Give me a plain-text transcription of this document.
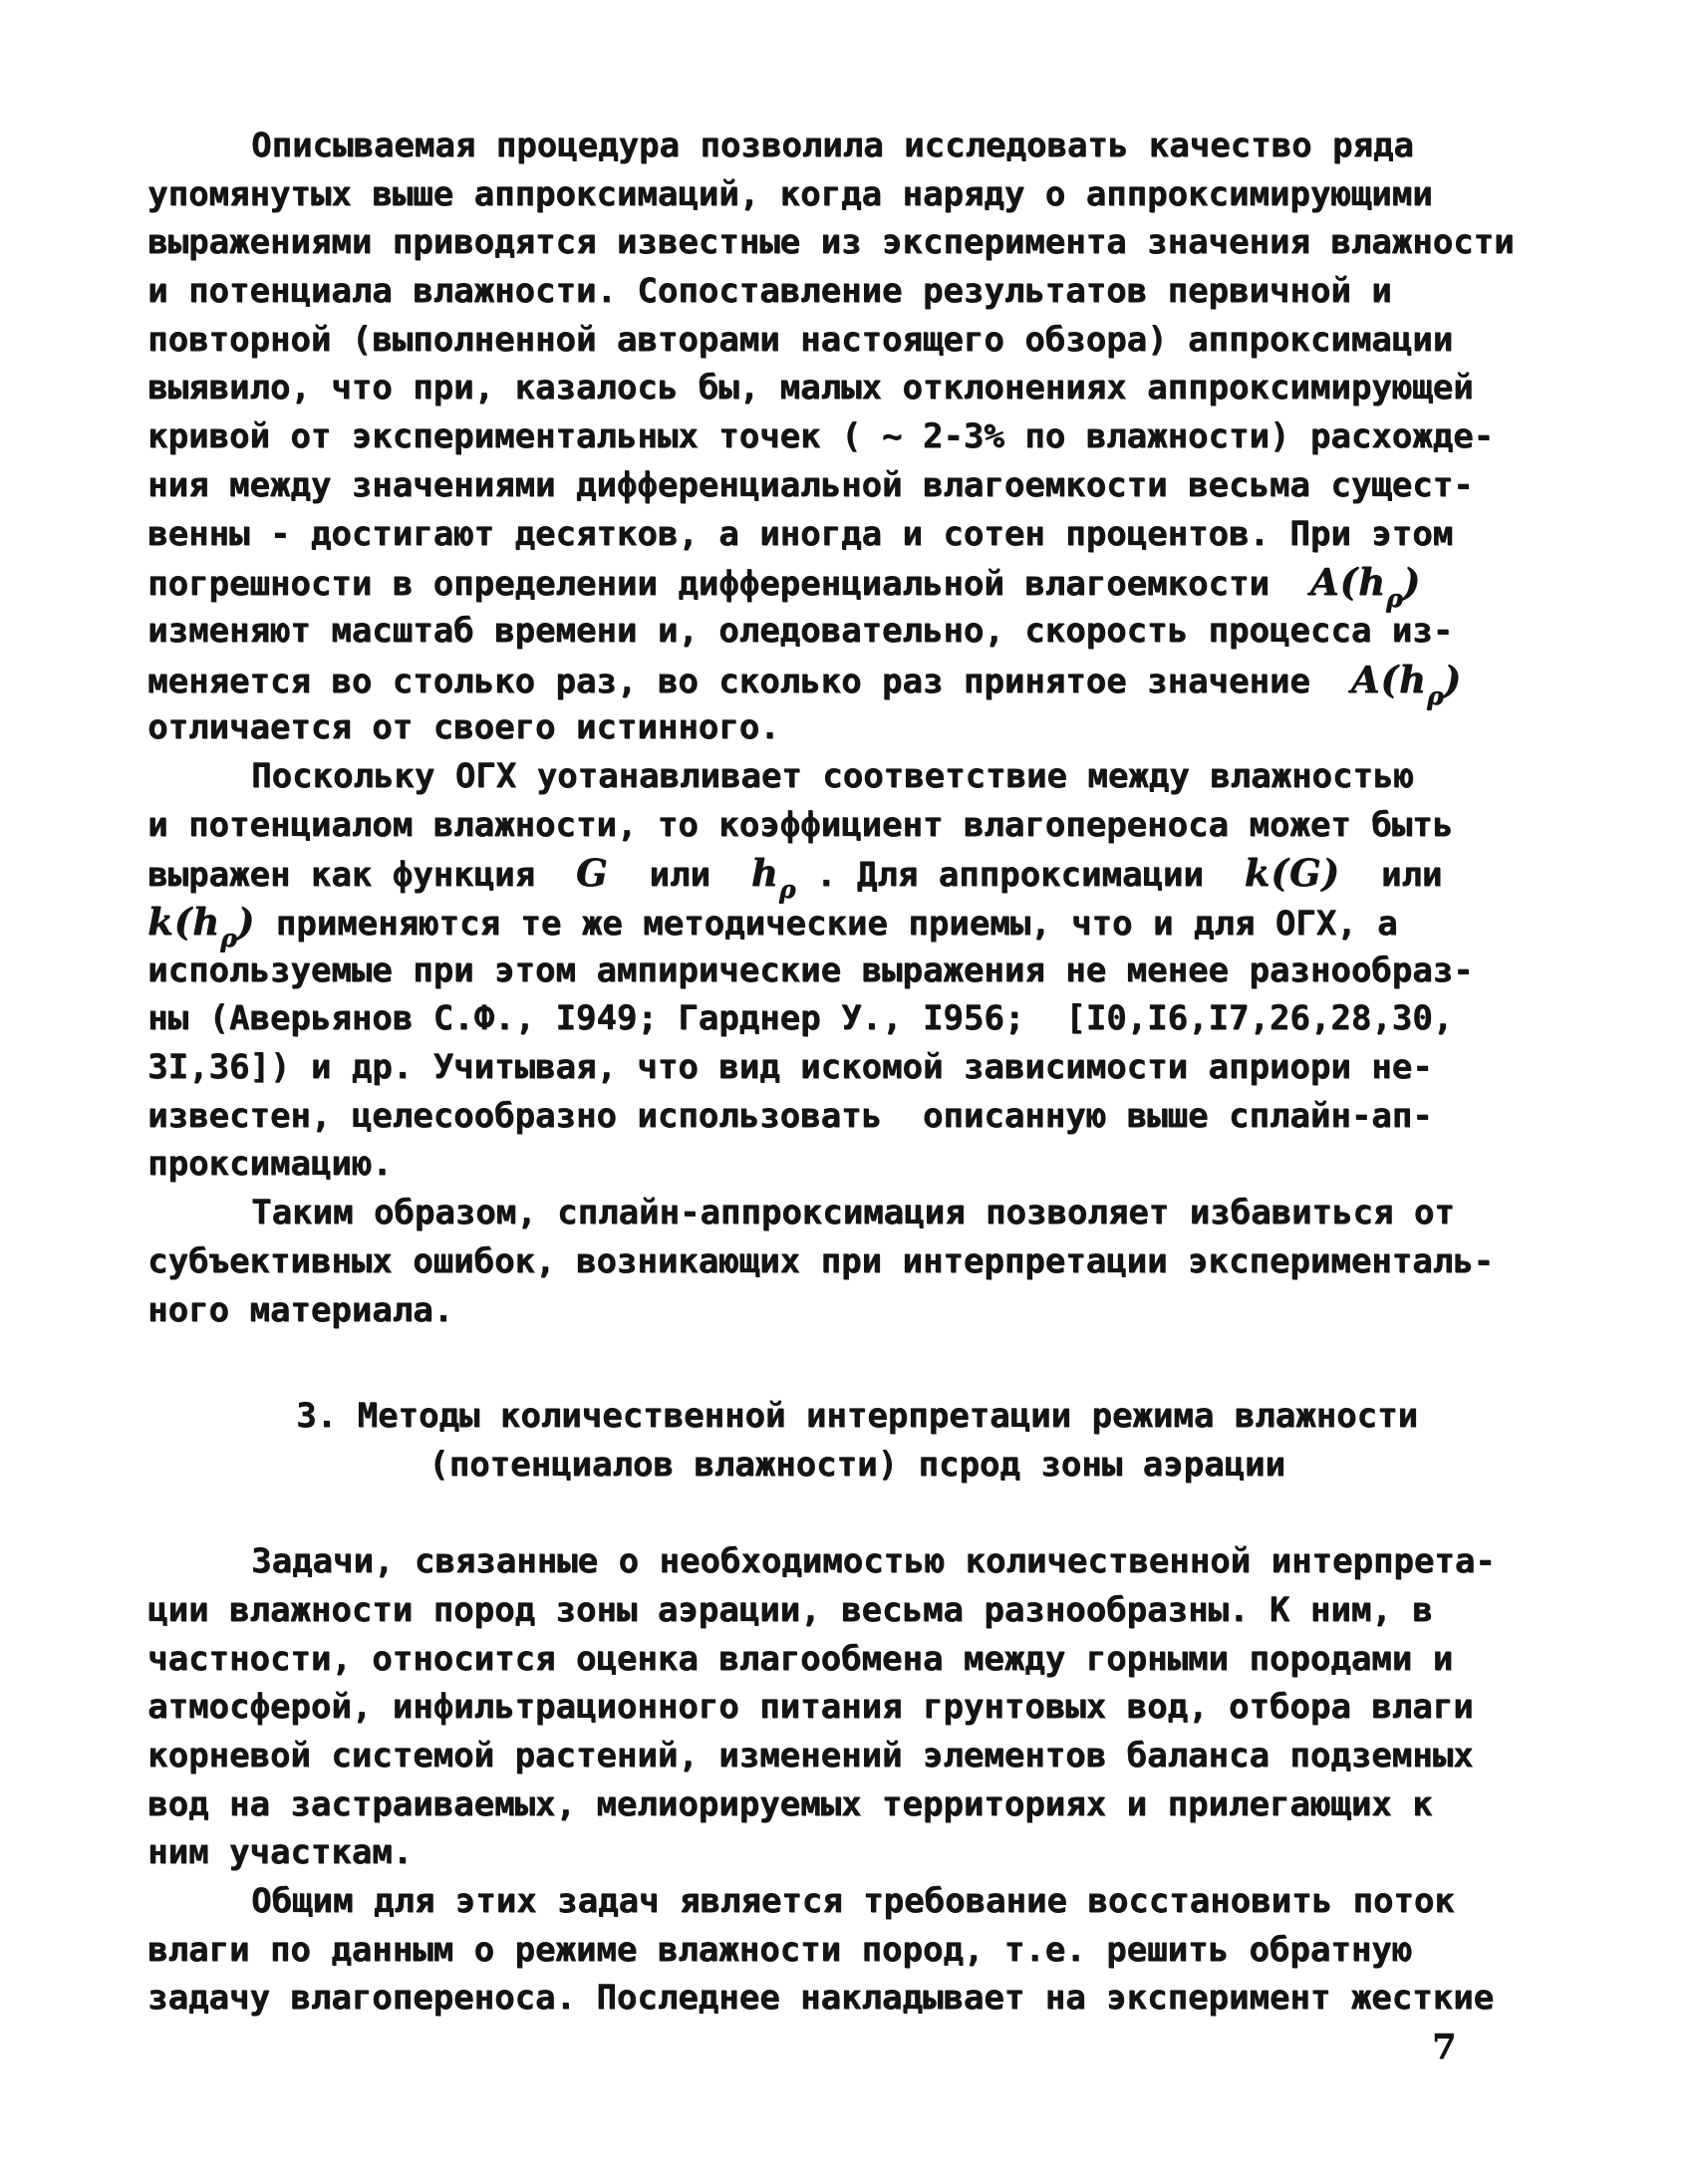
Описываемая процедура позволила исследовать качество ряда
упомянутых выше аппроксимаций, когда наряду о аппроксимирующими
выражениями приводятся известные из эксперимента значения влажности
и потенциала влажности. Сопоставление результатов первичной и
повторной (выполненной авторами настоящего обзора) аппроксимации
выявило, что при, казалось бы, малых отклонениях аппроксимирующей
кривой от экспериментальных точек ( ~ 2-3% по влажности) расхожде-
ния между значениями дифференциальной влагоемкости весьма сущест-
венны - достигают десятков, а иногда и сотен процентов. При этом
погрешности в определении дифференциальной влагоемкости  $A(h_\rho)$
изменяют масштаб времени и, оледовательно, скорость процесса из-
меняется во столько раз, во сколько раз принятое значение  $A(h_\rho)$
отличается от своего истинного.
Поскольку ОГХ уотанавливает соответствие между влажностью
и потенциалом влажности, то коэффициент влагопереноса может быть
выражен как функция  G  или  $h_\rho$ . Для аппроксимации  k(G)  или
$k(h_\rho)$ применяются те же методические приемы, что и для ОГХ, а
используемые при этом ампирические выражения не менее разнообраз-
ны (Аверьянов С.Ф., I949; Гарднер У., I956;  [I0,I6,I7,26,28,30,
3I,36]) и др. Учитывая, что вид искомой зависимости априори не-
известен, целесообразно использовать  описанную выше сплайн-ап-
проксимацию.
Таким образом, сплайн-аппроксимация позволяет избавиться от
субъективных ошибок, возникающих при интерпретации эксперименталь-
ного материала.
3. Методы количественной интерпретации режима влажности
(потенциалов влажности) псрод зоны аэрации
Задачи, связанные о необходимостью количественной интерпрета-
ции влажности пород зоны аэрации, весьма разнообразны. К ним, в
частности, относится оценка влагообмена между горными породами и
атмосферой, инфильтрационного питания грунтовых вод, отбора влаги
корневой системой растений, изменений элементов баланса подземных
вод на застраиваемых, мелиорируемых территориях и прилегающих к
ним участкам.
Общим для этих задач является требование восстановить поток
влаги по данным о режиме влажности пород, т.е. решить обратную
задачу влагопереноса. Последнее накладывает на эксперимент жесткие
7
